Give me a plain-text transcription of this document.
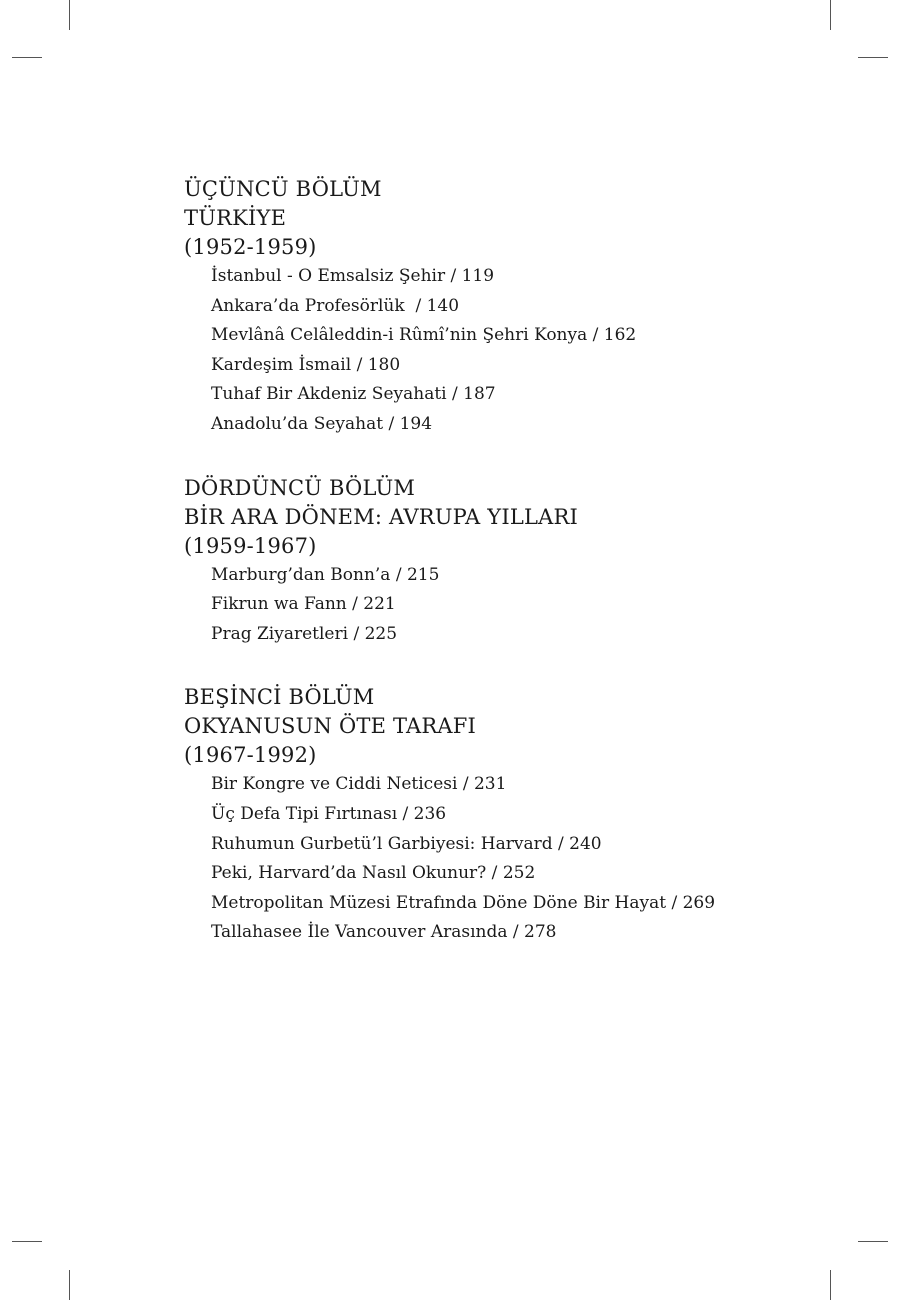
ÜÇÜNCÜ BÖLÜM
TÜRKİYE
(1952-1959)
İstanbul - O Emsalsiz Şehir / 119
Ankara’da Profesörlük  / 140
Mevlânâ Celâleddin-i Rûmî’nin Şehri Konya / 162
Kardeşim İsmail / 180
Tuhaf Bir Akdeniz Seyahati / 187
Anadolu’da Seyahat / 194
DÖRDÜNCÜ BÖLÜM
BİR ARA DÖNEM: AVRUPA YILLARI
(1959-1967)
Marburg’dan Bonn’a / 215
Fikrun wa Fann / 221
Prag Ziyaretleri / 225
BEŞİNCİ BÖLÜM
OKYANUSUN ÖTE TARAFI
(1967-1992)
Bir Kongre ve Ciddi Neticesi / 231
Üç Defa Tipi Fırtınası / 236
Ruhumun Gurbetü’l Garbiyesi: Harvard / 240
Peki, Harvard’da Nasıl Okunur? / 252
Metropolitan Müzesi Etrafında Döne Döne Bir Hayat / 269
Tallahasee İle Vancouver Arasında / 278
